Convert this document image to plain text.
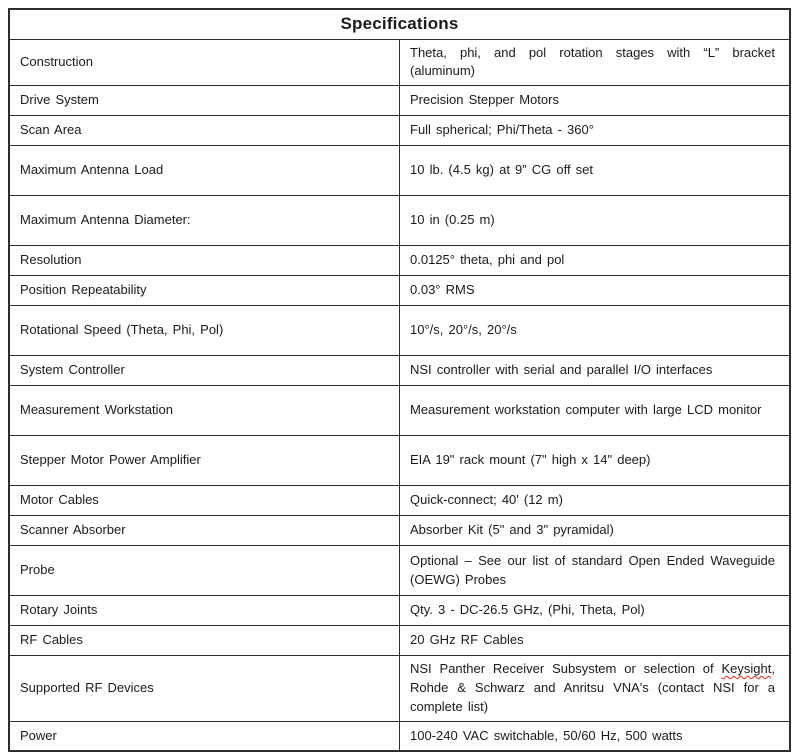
Specifications	
Construction	Theta, phi, and pol rotation stages with “L” bracket (aluminum)
Drive System	Precision Stepper Motors
Scan Area	Full spherical; Phi/Theta - 360°
Maximum Antenna Load	10 lb. (4.5 kg) at 9” CG off set
Maximum Antenna Diameter:	10 in (0.25 m)
Resolution	0.0125° theta, phi and pol
Position Repeatability	0.03° RMS
Rotational Speed (Theta, Phi, Pol)	10°/s, 20°/s, 20°/s
System Controller	NSI controller with serial and parallel I/O interfaces
Measurement Workstation	Measurement workstation computer with large LCD monitor
Stepper Motor Power Amplifier	EIA 19" rack mount (7" high x 14" deep)
Motor Cables	Quick-connect; 40' (12 m)
Scanner Absorber	Absorber Kit (5" and 3" pyramidal)
Probe	Optional – See our list of standard Open Ended Waveguide (OEWG) Probes
Rotary Joints	Qty. 3 - DC-26.5 GHz, (Phi, Theta, Pol)
RF Cables	20 GHz RF Cables
Supported RF Devices	NSI Panther Receiver Subsystem or selection of Keysight, Rohde & Schwarz and Anritsu VNA's (contact NSI for a complete list)
Power	100-240 VAC switchable, 50/60 Hz, 500 watts
